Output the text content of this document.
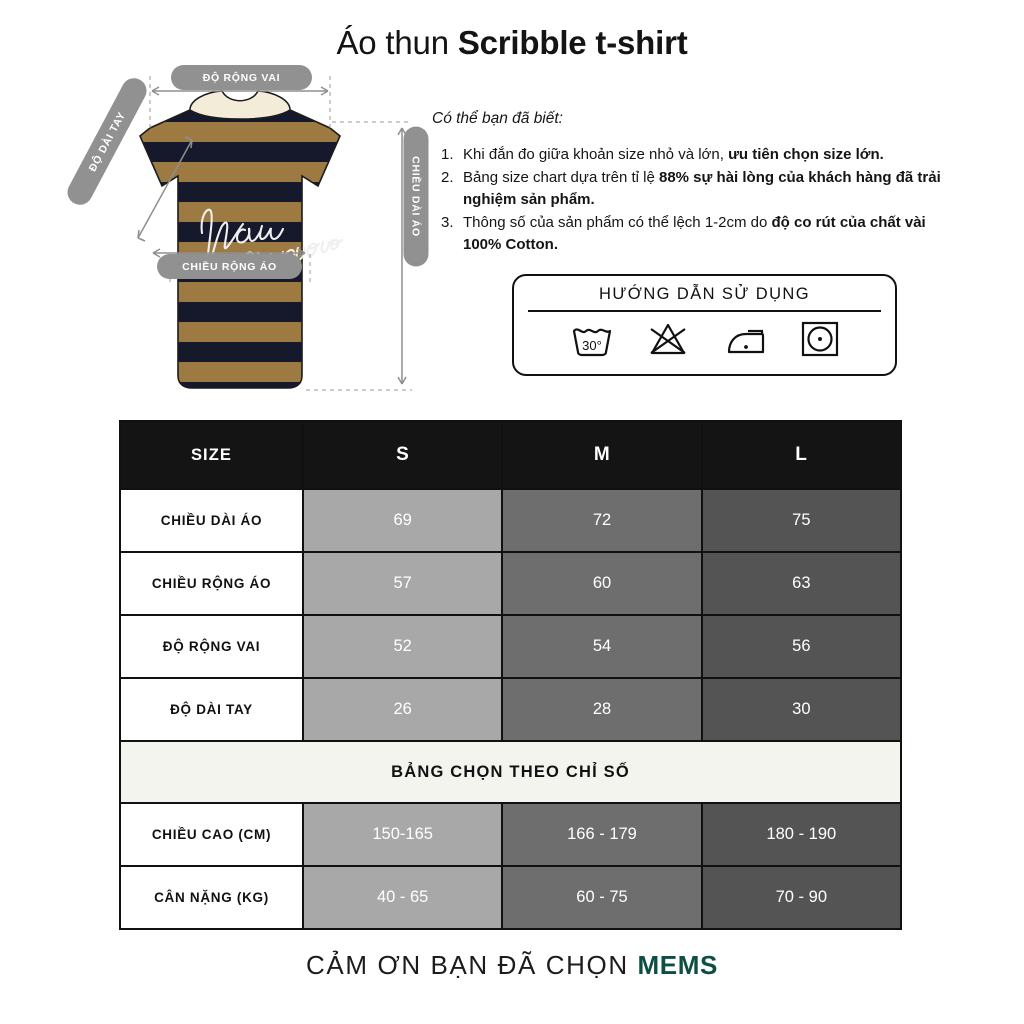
Áo thun Scribble t-shirt
ĐỘ RỘNG VAI
CHIỀU RỘNG ÁO
ĐỘ DÀI TAY
CHIỀU DÀI ÁO
Có thể bạn đã biết:
1. Khi đắn đo giữa khoản size nhỏ và lớn, ưu tiên chọn size lớn.
2. Bảng size chart dựa trên tỉ lệ 88% sự hài lòng của khách hàng đã trải nghiệm sản phẩm.
3. Thông số của sản phẩm có thể lệch 1-2cm do độ co rút của chất vài 100% Cotton.
HƯỚNG DẪN SỬ DỤNG
30°
SIZE	S	M	L
CHIỀU DÀI ÁO	69	72	75
CHIỀU RỘNG ÁO	57	60	63
ĐỘ RỘNG VAI	52	54	56
ĐỘ DÀI TAY	26	28	30
BẢNG CHỌN THEO CHỈ SỐ			
CHIỀU CAO (CM)	150-165	166 - 179	180 - 190
CÂN NẶNG (KG)	40 - 65	60 - 75	70 - 90
CẢM ƠN BẠN ĐÃ CHỌN MEMS
